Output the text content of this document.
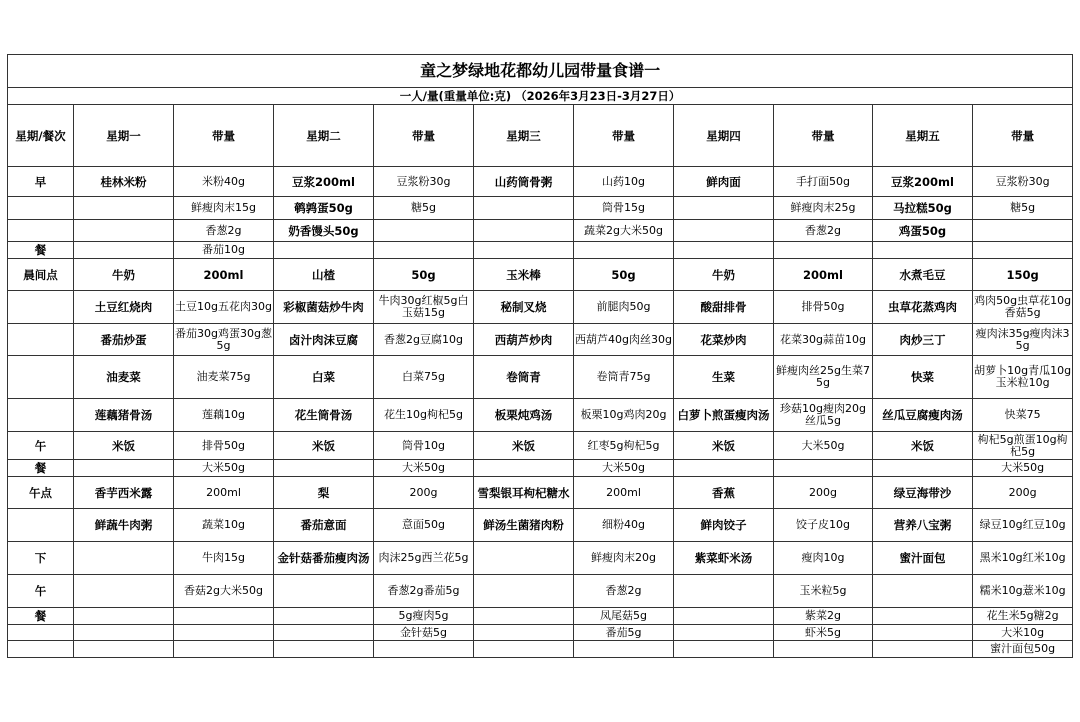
童之梦绿地花都幼儿园带量食谱一										
一人/量(重量单位:克) （2026年3月23日-3月27日）										
星期/餐次	星期一	带量	星期二	带量	星期三	带量	星期四	带量	星期五	带量
早	桂林米粉	米粉40g	豆浆200ml	豆浆粉30g	山药筒骨粥	山药10g	鲜肉面	手打面50g	豆浆200ml	豆浆粉30g
		鲜瘦肉末15g	鹌鹑蛋50g	糖5g		筒骨15g		鲜瘦肉末25g	马拉糕50g	糖5g
		香葱2g	奶香馒头50g			蔬菜2g大米50g		香葱2g	鸡蛋50g	
餐		番茄10g								
晨间点	牛奶	200ml	山楂	50g	玉米棒	50g	牛奶	200ml	水煮毛豆	150g
	土豆红烧肉	土豆10g五花肉30g	彩椒菌菇炒牛肉	牛肉30g红椒5g白玉菇15g	秘制叉烧	前腿肉50g	酸甜排骨	排骨50g	虫草花蒸鸡肉	鸡肉50g虫草花10g香菇5g
	番茄炒蛋	番茄30g鸡蛋30g葱5g	卤汁肉沫豆腐	香葱2g豆腐10g	西葫芦炒肉	西葫芦40g肉丝30g	花菜炒肉	花菜30g蒜苗10g	肉炒三丁	瘦肉沫35g瘦肉沫35g
	油麦菜	油麦菜75g	白菜	白菜75g	卷筒青	卷筒青75g	生菜	鲜瘦肉丝25g生菜75g	快菜	胡萝卜10g青瓜10g玉米粒10g
	莲藕猪骨汤	莲藕10g	花生筒骨汤	花生10g枸杞5g	板栗炖鸡汤	板栗10g鸡肉20g	白萝卜煎蛋瘦肉汤	珍菇10g瘦肉20g丝瓜5g	丝瓜豆腐瘦肉汤	快菜75
午	米饭	排骨50g	米饭	筒骨10g	米饭	红枣5g枸杞5g	米饭	大米50g	米饭	枸杞5g煎蛋10g枸杞5g
餐		大米50g		大米50g		大米50g				大米50g
午点	香芋西米露	200ml	梨	200g	雪梨银耳枸杞糖水	200ml	香蕉	200g	绿豆海带沙	200g
	鲜蔬牛肉粥	蔬菜10g	番茄意面	意面50g	鲜汤生菌猪肉粉	细粉40g	鲜肉饺子	饺子皮10g	营养八宝粥	绿豆10g红豆10g
下		牛肉15g	金针菇番茄瘦肉汤	肉沫25g西兰花5g		鲜瘦肉末20g	紫菜虾米汤	瘦肉10g	蜜汁面包	黑米10g红米10g
午		香菇2g大米50g		香葱2g番茄5g		香葱2g		玉米粒5g		糯米10g薏米10g
餐				5g瘦肉5g		凤尾菇5g		紫菜2g		花生米5g糖2g
				金针菇5g		番茄5g		虾米5g		大米10g
										蜜汁面包50g
